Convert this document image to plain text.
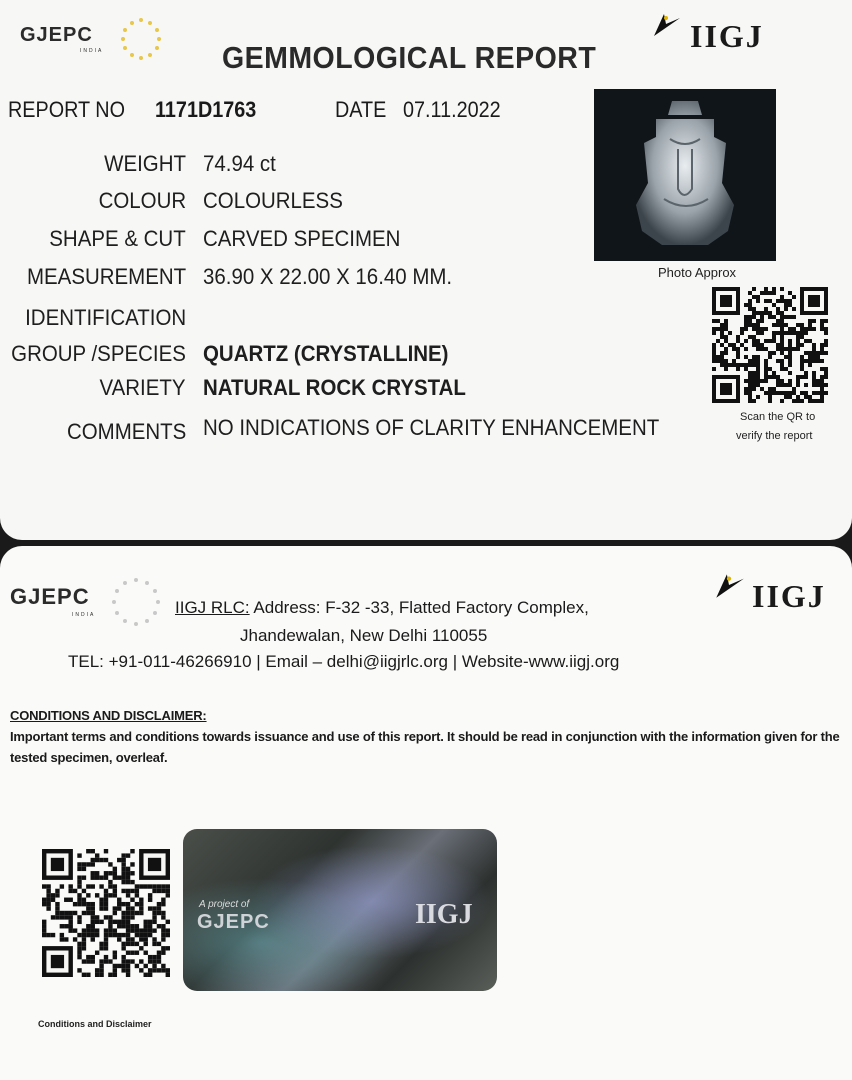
GJEPC
INDIA	IIGJ
GEMMOLOGICAL REPORT
REPORT NO 1171D1763	DATE 07.11.2022
WEIGHT 74.94 ct
COLOUR COLOURLESS
SHAPE & CUT CARVED SPECIMEN
MEASUREMENT 36.90 X 22.00 X 16.40 MM.
IDENTIFICATION
GROUP /SPECIES QUARTZ (CRYSTALLINE)
VARIETY NATURAL ROCK CRYSTAL
COMMENTS NO INDICATIONS OF CLARITY ENHANCEMENT
Photo Approx
Scan the QR to
verify the report
GJEPC
INDIA
IIGJ
IIGJ RLC: Address: F-32 -33, Flatted Factory Complex,
Jhandewalan, New Delhi 110055
TEL: +91-011-46266910 | Email – delhi@iigjrlc.org | Website-www.iigj.org
CONDITIONS AND DISCLAIMER:
Important terms and conditions towards issuance and use of this report. It should be read in conjunction with the information given for the tested specimen, overleaf.
Conditions and Disclaimer
A project of
GJEPC	IIGJ
